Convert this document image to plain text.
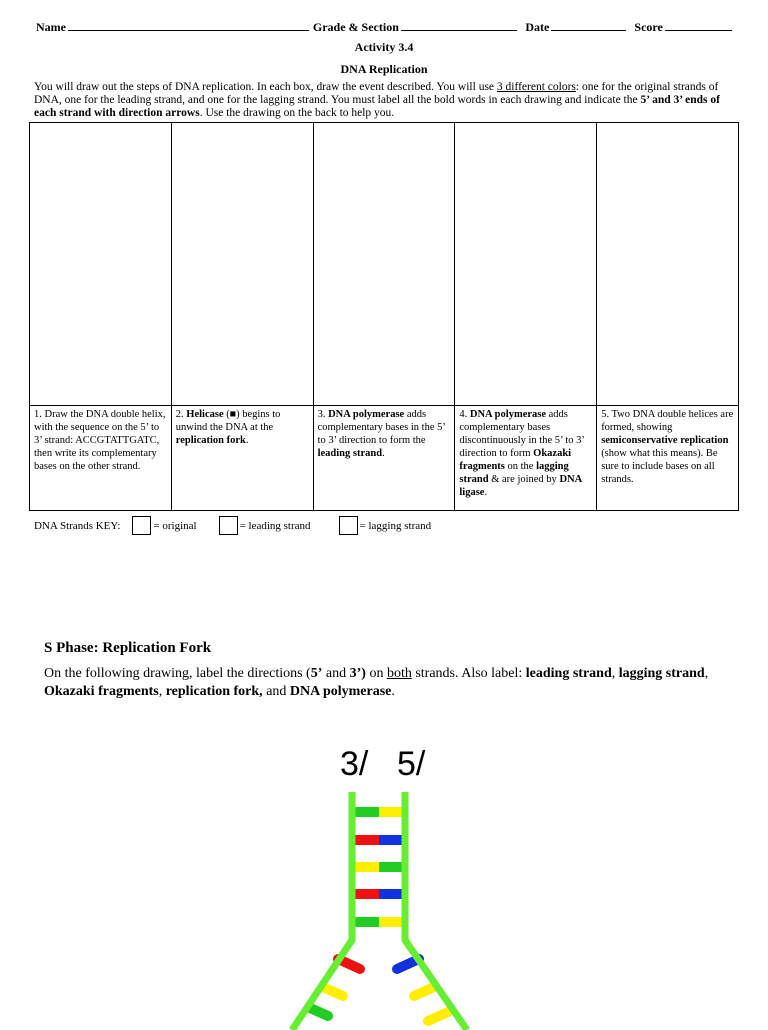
Name	Grade & Section	Date	Score
Activity 3.4
DNA Replication
You will draw out the steps of DNA replication. In each box, draw the event described. You will use 3 different colors: one for the original strands of DNA, one for the leading strand, and one for the lagging strand. You must label all the bold words in each drawing and indicate the 5’ and 3’ ends of each strand with direction arrows. Use the drawing on the back to help you.

1. Draw the DNA double helix, with the sequence on the 5’ to 3’ strand: ACCGTATTGATC, then write its complementary bases on the other strand.	2. Helicase (■) begins to unwind the DNA at the replication fork.	3. DNA polymerase adds complementary bases in the 5’ to 3’ direction to form the leading strand.	4. DNA polymerase adds complementary bases discontinuously in the 5’ to 3’ direction to form Okazaki fragments on the lagging strand & are joined by DNA ligase.	5. Two DNA double helices are formed, showing semiconservative replication (show what this means). Be sure to include bases on all strands.
DNA Strands KEY:	= original	= leading strand	= lagging strand
S Phase: Replication Fork
On the following drawing, label the directions (5’ and 3’) on both strands. Also label: leading strand, lagging strand, Okazaki fragments, replication fork, and DNA polymerase.
3/ 5/
